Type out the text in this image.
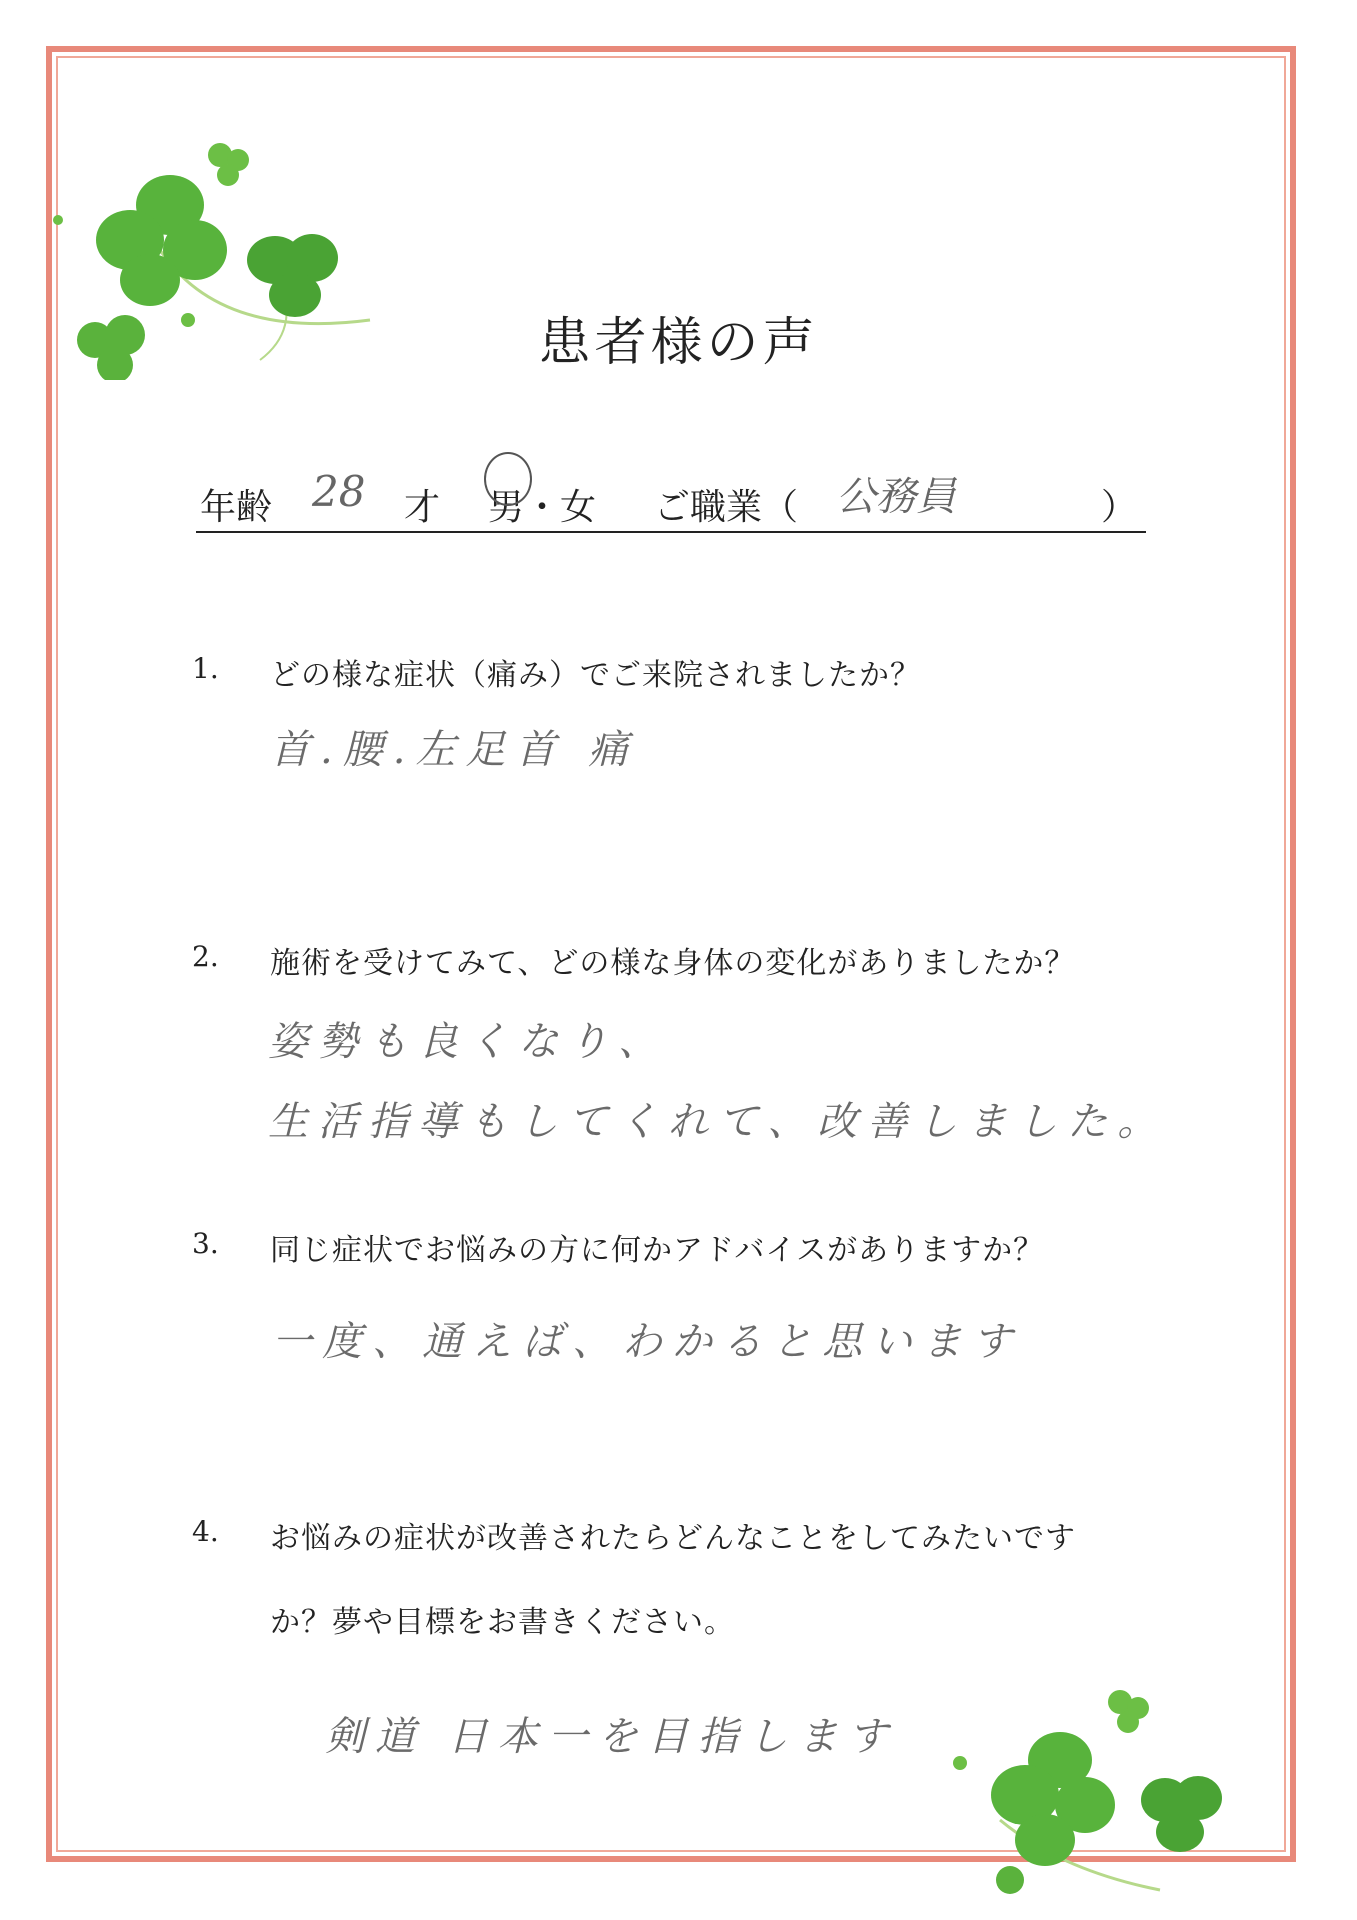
患者様の声
年齢 28 才 男 ・ 女 ご職業（ 公務員	）
1. どの様な症状（痛み）でご来院されましたか？
首.腰.左足首 痛
2. 施術を受けてみて、どの様な身体の変化がありましたか？
姿勢も良くなり、
生活指導もしてくれて、改善しました。
3. 同じ症状でお悩みの方に何かアドバイスがありますか？
一度、通えば、わかると思います
4. お悩みの症状が改善されたらどんなことをしてみたいです
か？夢や目標をお書きください。
剣道 日本一を目指します
